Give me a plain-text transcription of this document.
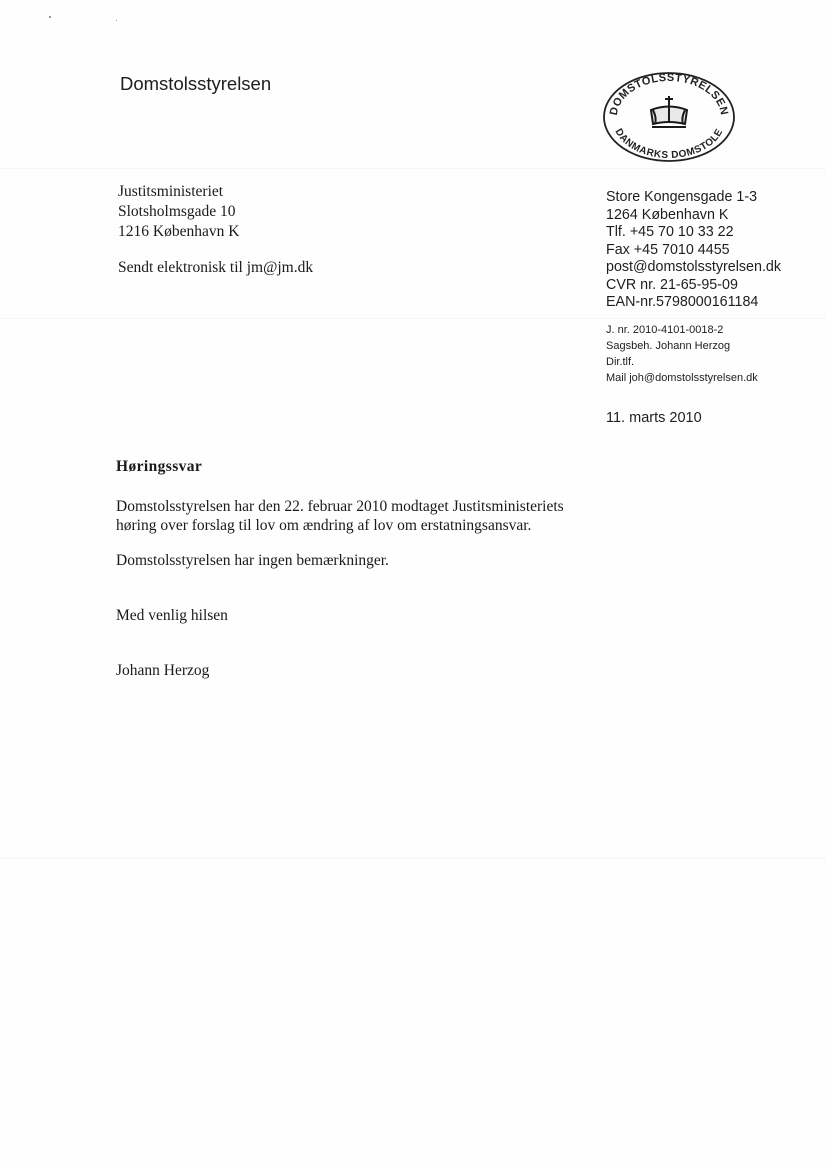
Domstolsstyrelsen
DOMSTOLSSTYRELSEN
DANMARKS DOMSTOLE
Justitsministeriet
Slotsholmsgade 10
1216 København K
Sendt elektronisk til jm@jm.dk
Store Kongensgade 1-3
1264 København K
Tlf. +45 70 10 33 22
Fax +45 7010 4455
post@domstolsstyrelsen.dk
CVR nr. 21-65-95-09
EAN-nr.5798000161184
J. nr. 2010-4101-0018-2
Sagsbeh. Johann Herzog
Dir.tlf.
Mail joh@domstolsstyrelsen.dk
11. marts 2010
Høringssvar
Domstolsstyrelsen har den 22. februar 2010 modtaget Justitsministeriets
høring over forslag til lov om ændring af lov om erstatningsansvar.
Domstolsstyrelsen har ingen bemærkninger.
Med venlig hilsen
Johann Herzog
